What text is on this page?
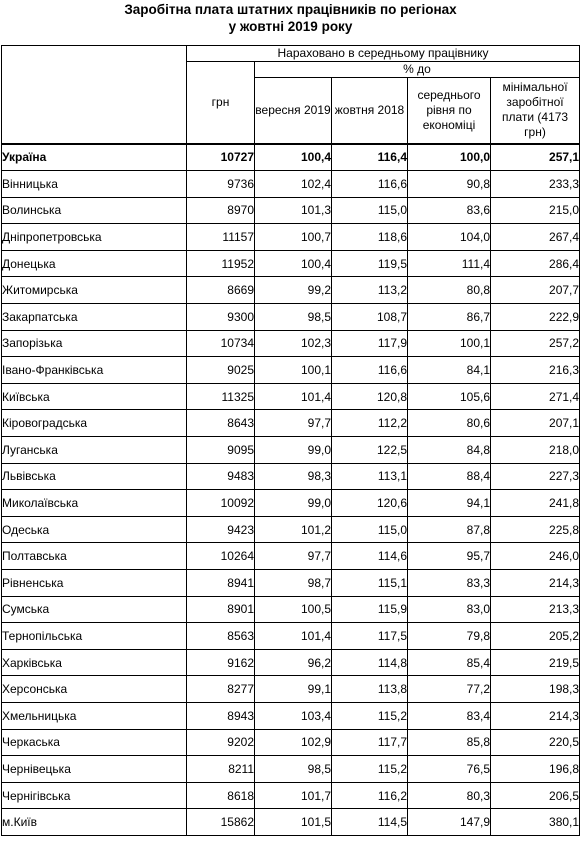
Заробітна плата штатних працівників по регіонах
у жовтні 2019 року
	Нараховано в середньому працівнику				
	грн	% до			
		вересня 2019	жовтня 2018	середнього рівня по економіці	мінімальної заробітної плати (4173 грн)
Україна	10727	100,4	116,4	100,0	257,1
Вінницька	9736	102,4	116,6	90,8	233,3
Волинська	8970	101,3	115,0	83,6	215,0
Дніпропетровська	11157	100,7	118,6	104,0	267,4
Донецька	11952	100,4	119,5	111,4	286,4
Житомирська	8669	99,2	113,2	80,8	207,7
Закарпатська	9300	98,5	108,7	86,7	222,9
Запорізька	10734	102,3	117,9	100,1	257,2
Івано-Франківська	9025	100,1	116,6	84,1	216,3
Київська	11325	101,4	120,8	105,6	271,4
Кіровоградська	8643	97,7	112,2	80,6	207,1
Луганська	9095	99,0	122,5	84,8	218,0
Львівська	9483	98,3	113,1	88,4	227,3
Миколаївська	10092	99,0	120,6	94,1	241,8
Одеська	9423	101,2	115,0	87,8	225,8
Полтавська	10264	97,7	114,6	95,7	246,0
Рівненська	8941	98,7	115,1	83,3	214,3
Сумська	8901	100,5	115,9	83,0	213,3
Тернопільська	8563	101,4	117,5	79,8	205,2
Харківська	9162	96,2	114,8	85,4	219,5
Херсонська	8277	99,1	113,8	77,2	198,3
Хмельницька	8943	103,4	115,2	83,4	214,3
Черкаська	9202	102,9	117,7	85,8	220,5
Чернівецька	8211	98,5	115,2	76,5	196,8
Чернігівська	8618	101,7	116,2	80,3	206,5
м.Київ	15862	101,5	114,5	147,9	380,1
